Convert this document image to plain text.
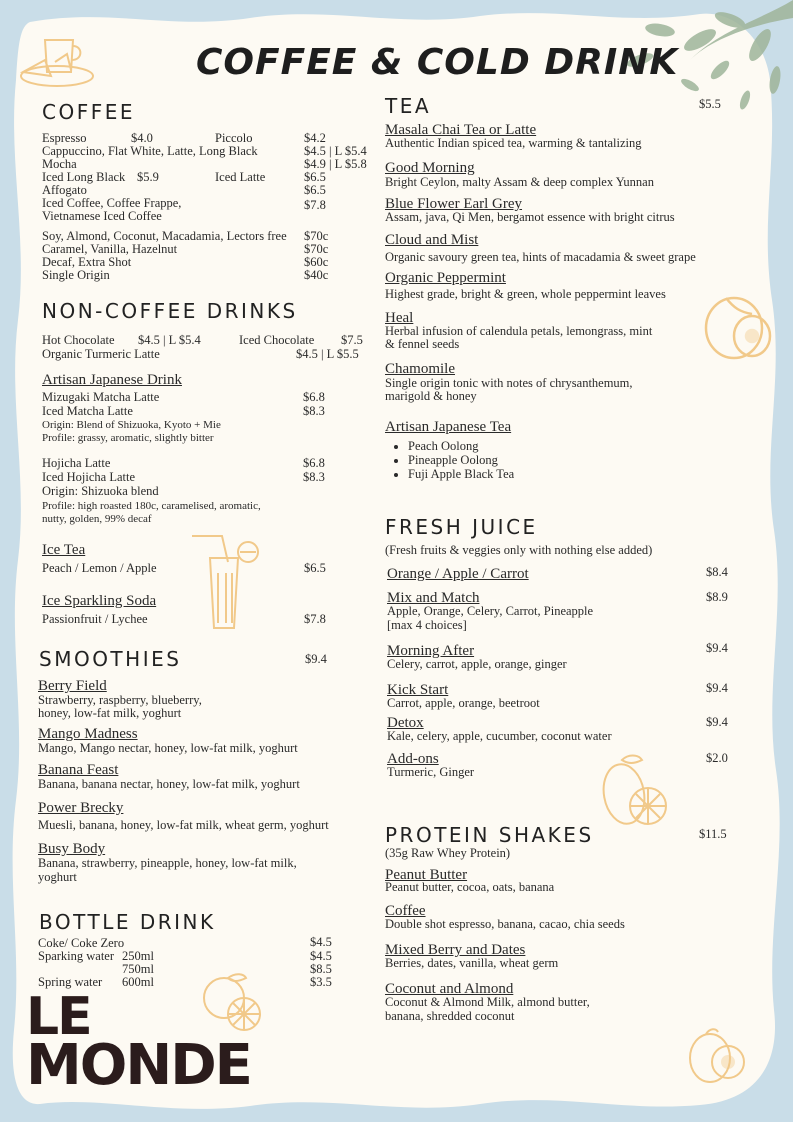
COFFEE & COLD DRINK
COFFEE
Espresso	$4.0	Piccolo	$4.2
Cappuccino, Flat White, Latte, Long Black	$4.5 | L $5.4
Mocha	$4.9 | L $5.8
Iced Long Black $5.9	Iced Latte	$6.5
Affogato	$6.5
Iced Coffee, Coffee Frappe,	$7.8
Vietnamese Iced Coffee
Soy, Almond, Coconut, Macadamia, Lectors free $70c
Caramel, Vanilla, Hazelnut	$70c
Decaf, Extra Shot	$60c
Single Origin	$40c
NON-COFFEE DRINKS
Hot Chocolate $4.5 | L $5.4	Iced Chocolate $7.5
Organic Turmeric Latte	$4.5 | L $5.5
Artisan Japanese Drink
Mizugaki Matcha Latte	$6.8
Iced Matcha Latte	$8.3
Origin: Blend of Shizuoka, Kyoto + Mie
Profile: grassy, aromatic, slightly bitter
Hojicha Latte	$6.8
Iced Hojicha Latte	$8.3
Origin: Shizuoka blend
Profile: high roasted 180c, caramelised, aromatic,
nutty, golden, 99% decaf
Ice Tea
Peach / Lemon / Apple	$6.5
Ice Sparkling Soda
Passionfruit / Lychee	$7.8
SMOOTHIES	$9.4
Berry Field
Strawberry, raspberry, blueberry,
honey, low-fat milk, yoghurt
Mango Madness
Mango, Mango nectar, honey, low-fat milk, yoghurt
Banana Feast
Banana, banana nectar, honey, low-fat milk, yoghurt
Power Brecky
Muesli, banana, honey, low-fat milk, wheat germ, yoghurt
Busy Body
Banana, strawberry, pineapple, honey, low-fat milk,
yoghurt
BOTTLE DRINK
Coke/ Coke Zero	$4.5
Sparking water 250ml	$4.5
750ml	$8.5
Spring water 600ml	$3.5
LE
MONDE
TEA	$5.5
Masala Chai Tea or Latte
Authentic Indian spiced tea, warming & tantalizing
Good Morning
Bright Ceylon, malty Assam & deep complex Yunnan
Blue Flower Earl Grey
Assam, java, Qi Men, bergamot essence with bright citrus
Cloud and Mist
Organic savoury green tea, hints of macadamia & sweet grape
Organic Peppermint
Highest grade, bright & green, whole peppermint leaves
Heal
Herbal infusion of calendula petals, lemongrass, mint
& fennel seeds
Chamomile
Single origin tonic with notes of chrysanthemum,
marigold & honey
Artisan Japanese Tea
• Peach Oolong
• Pineapple Oolong
• Fuji Apple Black Tea
FRESH JUICE
(Fresh fruits & veggies only with nothing else added)
Orange / Apple / Carrot	$8.4
Mix and Match	$8.9
Apple, Orange, Celery, Carrot, Pineapple
[max 4 choices]
Morning After	$9.4
Celery, carrot, apple, orange, ginger
Kick Start	$9.4
Carrot, apple, orange, beetroot
Detox	$9.4
Kale, celery, apple, cucumber, coconut water
Add-ons	$2.0
Turmeric, Ginger
PROTEIN SHAKES	$11.5
(35g Raw Whey Protein)
Peanut Butter
Peanut butter, cocoa, oats, banana
Coffee
Double shot espresso, banana, cacao, chia seeds
Mixed Berry and Dates
Berries, dates, vanilla, wheat germ
Coconut and Almond
Coconut & Almond Milk, almond butter,
banana, shredded coconut
